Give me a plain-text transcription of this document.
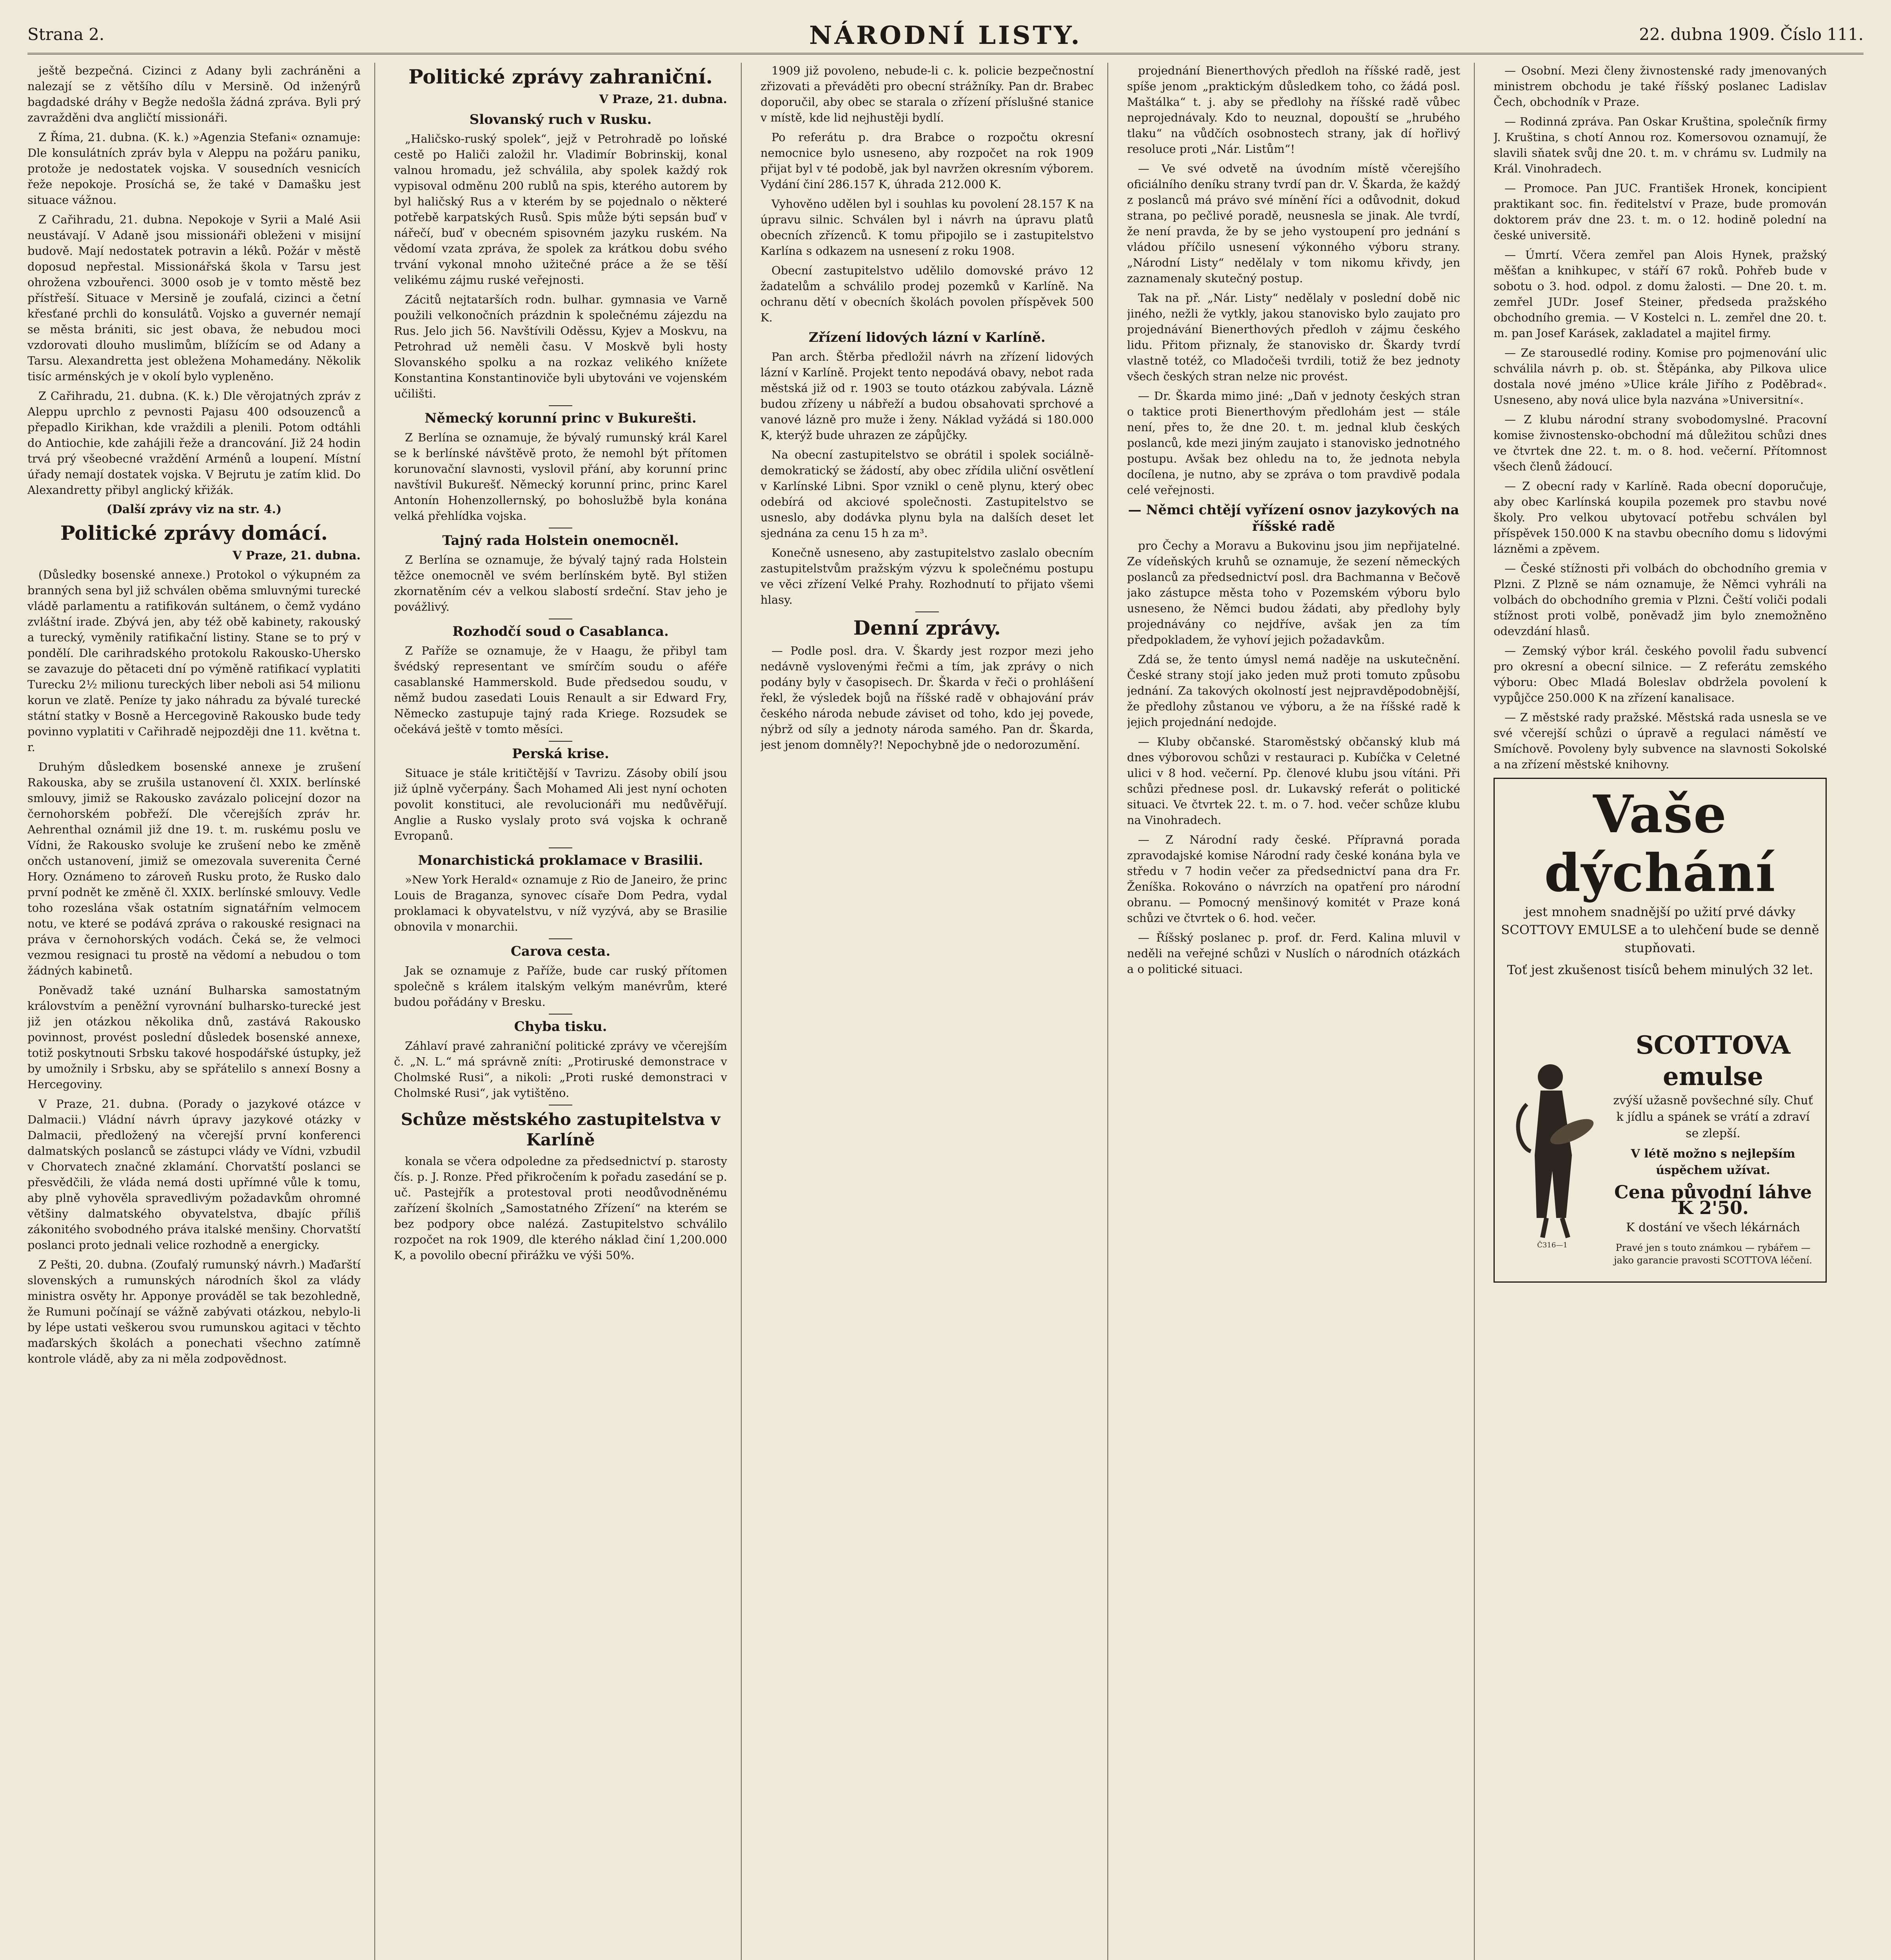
Strana 2.	NÁRODNÍ LISTY.	22. dubna 1909. Číslo 111.

ještě bezpečná. Cizinci z Adany byli zachráněni a nalezají se z většího dílu v Mersině. Od inženýrů bagdadské dráhy v Begže nedošla žádná zpráva. Byli prý zavražděni dva angličtí missionáři.

Z Říma, 21. dubna. (K. k.) »Agenzia Stefani« oznamuje: Dle konsulátních zpráv byla v Aleppu na požáru paniku, protože je nedostatek vojska. V sousedních vesnicích řeže nepokoje. Prosíchá se, že také v Damašku jest situace vážnou.

Z Cařihradu, 21. dubna. Nepokoje v Syrii a Malé Asii neustávají. V Adaně jsou missionáři obleženi v misijní budově. Mají nedostatek potravin a léků. Požár v městě doposud nepřestal. Missionářská škola v Tarsu jest ohrožena vzbouřenci. 3000 osob je v tomto městě bez přístřeší. Situace v Mersině je zoufalá, cizinci a četní křesťané prchli do konsulátů. Vojsko a guvernér nemají se města brániti, sic jest obava, že nebudou moci vzdorovati dlouho muslimům, blížícím se od Adany a Tarsu. Alexandretta jest obležena Mohamedány. Několik tisíc arménských je v okolí bylo vypleněno.

Z Cařihradu, 21. dubna. (K. k.) Dle věrojatných zpráv z Aleppu uprchlo z pevnosti Pajasu 400 odsouzenců a přepadlo Kirikhan, kde vraždili a plenili. Potom odtáhli do Antiochie, kde zahájili řeže a drancování. Již 24 hodin trvá prý všeobecné vraždění Arménů a loupení. Místní úřady nemají dostatek vojska. V Bejrutu je zatím klid. Do Alexandretty přibyl anglický křižák.

(Další zprávy viz na str. 4.)
Politické zprávy domácí.
V Praze, 21. dubna.

(Důsledky bosenské annexe.) Protokol o výkupném za branných sena byl již schválen oběma smluvnými turecké vládě parlamentu a ratifikován sultánem, o čemž vydáno zvláštní irade. Zbývá jen, aby též obě kabinety, rakouský a turecký, vyměnily ratifikační listiny. Stane se to prý v pondělí. Dle carihradského protokolu Rakousko-Uhersko se zavazuje do pětaceti dní po výměně ratifikací vyplatiti Turecku 2½ milionu tureckých liber neboli asi 54 milionu korun ve zlatě. Peníze ty jako náhradu za bývalé turecké státní statky v Bosně a Hercegovině Rakousko bude tedy povinno vyplatiti v Cařihradě nejpozději dne 11. května t. r.

Druhým důsledkem bosenské annexe je zrušení Rakouska, aby se zrušila ustanovení čl. XXIX. berlínské smlouvy, jimiž se Rakousko zavázalo policejní dozor na černohorském pobřeží. Dle včerejších zpráv hr. Aehrenthal oznámil již dne 19. t. m. ruskému poslu ve Vídni, že Rakousko svoluje ke zrušení nebo ke změně ončch ustanovení, jimiž se omezovala suverenita Černé Hory. Oznámeno to zároveň Rusku proto, že Rusko dalo první podnět ke změně čl. XXIX. berlínské smlouvy. Vedle toho rozeslána však ostatním signatářním velmocem notu, ve které se podává zpráva o rakouské resignaci na práva v černohorských vodách. Čeká se, že velmoci vezmou resignaci tu prostě na vědomí a nebudou o tom žádných kabinetů.

Poněvadž také uznání Bulharska samostatným královstvím a peněžní vyrovnání bulharsko-turecké jest již jen otázkou několika dnů, zastává Rakousko povinnost, provést poslední důsledek bosenské annexe, totiž poskytnouti Srbsku takové hospodářské ústupky, jež by umožnily i Srbsku, aby se spřátelilo s annexí Bosny a Hercegoviny.

V Praze, 21. dubna. (Porady o jazykové otázce v Dalmacii.) Vládní návrh úpravy jazykové otázky v Dalmacii, předložený na včerejší první konferenci dalmatských poslanců se zástupci vlády ve Vídni, vzbudil v Chorvatech značné zklamání. Chorvatští poslanci se přesvědčili, že vláda nemá dosti upřímné vůle k tomu, aby plně vyhověla spravedlivým požadavkům ohromné většiny dalmatského obyvatelstva, dbajíc příliš zákonitého svobodného práva italské menšiny. Chorvatští poslanci proto jednali velice rozhodně a energicky.

Z Pešti, 20. dubna. (Zoufalý rumunský návrh.) Maďarští slovenských a rumunských národních škol za vlády ministra osvěty hr. Apponye prováděl se tak bezohledně, že Rumuni počínají se vážně zabývati otázkou, nebylo-li by lépe ustati veškerou svou rumunskou agitaci v těchto maďarských školách a ponechati všechno zatímně kontrole vládě, aby za ni měla zodpovědnost.

Politické zprávy zahraniční.
V Praze, 21. dubna.
Slovanský ruch v Rusku.

„Haličsko-ruský spolek“, jejž v Petrohradě po loňské cestě po Haliči založil hr. Vladimír Bobrinskij, konal valnou hromadu, jež schválila, aby spolek každý rok vypisoval odměnu 200 rublů na spis, kterého autorem by byl haličský Rus a v kterém by se pojednalo o některé potřebě karpatských Rusů. Spis může býti sepsán buď v nářečí, buď v obecném spisovném jazyku ruském. Na vědomí vzata zpráva, že spolek za krátkou dobu svého trvání vykonal mnoho užitečné práce a že se těší velikému zájmu ruské veřejnosti.

Zácitů nejtatarších rodn. bulhar. gymnasia ve Varně použili velkonočních prázdnin k společnému zájezdu na Rus. Jelo jich 56. Navštívili Oděssu, Kyjev a Moskvu, na Petrohrad už neměli času. V Moskvě byli hosty Slovanského spolku a na rozkaz velikého knížete Konstantina Konstantinoviče byli ubytováni ve vojenském učilišti.

Německý korunní princ v Bukurešti.

Z Berlína se oznamuje, že bývalý rumunský král Karel se k berlínské návštěvě proto, že nemohl být přítomen korunovační slavnosti, vyslovil přání, aby korunní princ navštívil Bukurešť. Německý korunní princ, princ Karel Antonín Hohenzollernský, po bohoslužbě byla konána velká přehlídka vojska.

Tajný rada Holstein onemocněl.

Z Berlína se oznamuje, že bývalý tajný rada Holstein těžce onemocněl ve svém berlínském bytě. Byl stižen zkornatěním cév a velkou slabostí srdeční. Stav jeho je povážlivý.

Rozhodčí soud o Casablanca.

Z Paříže se oznamuje, že v Haagu, že přibyl tam švédský representant ve smírčím soudu o aféře casablanské Hammerskold. Bude předsedou soudu, v němž budou zasedati Louis Renault a sir Edward Fry, Německo zastupuje tajný rada Kriege. Rozsudek se očekává ještě v tomto měsíci.

Perská krise.

Situace je stále kritičtější v Tavrizu. Zásoby obilí jsou již úplně vyčerpány. Šach Mohamed Ali jest nyní ochoten povolit konstituci, ale revolucionáři mu nedůvěřují. Anglie a Rusko vyslaly proto svá vojska k ochraně Evropanů.

Monarchistická proklamace v Brasilii.

»New York Herald« oznamuje z Rio de Janeiro, že princ Louis de Braganza, synovec císaře Dom Pedra, vydal proklamaci k obyvatelstvu, v níž vyzývá, aby se Brasilie obnovila v monarchii.

Carova cesta.

Jak se oznamuje z Paříže, bude car ruský přítomen společně s králem italským velkým manévrům, které budou pořádány v Bresku.

Chyba tisku.

Záhlaví pravé zahraniční politické zprávy ve včerejším č. „N. L.“ má správně zníti: „Protiruské demonstrace v Cholmské Rusi“, a nikoli: „Proti ruské demonstraci v Cholmské Rusi“, jak vytištěno.

Schůze městského zastupitelstva v Karlíně

konala se včera odpoledne za předsednictví p. starosty čís. p. J. Ronze. Před přikročením k pořadu zasedání se p. uč. Pastejřík a protestoval proti neodůvodněnému zařízení školních „Samostatného Zřízení“ na kterém se bez podpory obce nalézá. Zastupitelstvo schválilo rozpočet na rok 1909, dle kterého náklad činí 1,200.000 K, a povolilo obecní přirážku ve výši 50%.

1909 již povoleno, nebude-li c. k. policie bezpečnostní zřizovati a převáděti pro obecní strážníky. Pan dr. Brabec doporučil, aby obec se starala o zřízení příslušné stanice v místě, kde lid nejhustěji bydlí.

Po referátu p. dra Brabce o rozpočtu okresní nemocnice bylo usneseno, aby rozpočet na rok 1909 přijat byl v té podobě, jak byl navržen okresním výborem. Vydání činí 286.157 K, úhrada 212.000 K.

Vyhověno udělen byl i souhlas ku povolení 28.157 K na úpravu silnic. Schválen byl i návrh na úpravu platů obecních zřízenců. K tomu připojilo se i zastupitelstvo Karlína s odkazem na usnesení z roku 1908.

Obecní zastupitelstvo udělilo domovské právo 12 žadatelům a schválilo prodej pozemků v Karlíně. Na ochranu dětí v obecních školách povolen příspěvek 500 K.

Zřízení lidových lázní v Karlíně.

Pan arch. Štěrba předložil návrh na zřízení lidových lázní v Karlíně. Projekt tento nepodává obavy, nebot rada městská již od r. 1903 se touto otázkou zabývala. Lázně budou zřízeny u nábřeží a budou obsahovati sprchové a vanové lázně pro muže i ženy. Náklad vyžádá si 180.000 K, kterýž bude uhrazen ze zápůjčky.

Na obecní zastupitelstvo se obrátil i spolek sociálně-demokratický se žádostí, aby obec zřídila uliční osvětlení v Karlínské Libni. Spor vznikl o ceně plynu, který obec odebírá od akciové společnosti. Zastupitelstvo se usneslo, aby dodávka plynu byla na dalších deset let sjednána za cenu 15 h za m³.

Konečně usneseno, aby zastupitelstvo zaslalo obecním zastupitelstvům pražským výzvu k společnému postupu ve věci zřízení Velké Prahy. Rozhodnutí to přijato všemi hlasy.

Denní zprávy.

— Podle posl. dra. V. Škardy jest rozpor mezi jeho nedávně vyslovenými řečmi a tím, jak zprávy o nich podány byly v časopisech. Dr. Škarda v řeči o prohlášení řekl, že výsledek bojů na říšské radě v obhajování práv českého národa nebude záviset od toho, kdo jej povede, nýbrž od síly a jednoty národa samého. Pan dr. Škarda, jest jenom domněly?! Nepochybně jde o nedorozumění.

projednání Bienerthových předloh na říšské radě, jest spíše jenom „praktickým důsledkem toho, co žádá posl. Maštálka“ t. j. aby se předlohy na říšské radě vůbec neprojednávaly. Kdo to neuznal, dopouští se „hrubého tlaku“ na vůdčích osobnostech strany, jak dí hořlivý resoluce proti „Nár. Listům“!

— Ve své odvetě na úvodním místě včerejšího oficiálního deníku strany tvrdí pan dr. V. Škarda, že každý z poslanců má právo své mínění říci a odůvodnit, dokud strana, po pečlivé poradě, neusnesla se jinak. Ale tvrdí, že není pravda, že by se jeho vystoupení pro jednání s vládou příčilo usnesení výkonného výboru strany. „Národní Listy“ nedělaly v tom nikomu křivdy, jen zaznamenaly skutečný postup.

Tak na př. „Nár. Listy“ nedělaly v poslední době nic jiného, nežli že vytkly, jakou stanovisko bylo zaujato pro projednávání Bienerthových předloh v zájmu českého lidu. Přitom přiznaly, že stanovisko dr. Škardy tvrdí vlastně totéž, co Mladočeši tvrdili, totiž že bez jednoty všech českých stran nelze nic provést.

— Dr. Škarda mimo jiné: „Daň v jednoty českých stran o taktice proti Bienerthovým předlohám jest — stále není, přes to, že dne 20. t. m. jednal klub českých poslanců, kde mezi jiným zaujato i stanovisko jednotného postupu. Avšak bez ohledu na to, že jednota nebyla docílena, je nutno, aby se zpráva o tom pravdivě podala celé veřejnosti.

— Němci chtějí vyřízení osnov jazykových na říšské radě

pro Čechy a Moravu a Bukovinu jsou jim nepřijatelné. Ze vídeňských kruhů se oznamuje, že sezení německých poslanců za předsednictví posl. dra Bachmanna v Bečově jako zástupce města toho v Pozemském výboru bylo usneseno, že Němci budou žádati, aby předlohy byly projednávány co nejdříve, avšak jen za tím předpokladem, že vyhoví jejich požadavkům.

Zdá se, že tento úmysl nemá naděje na uskutečnění. České strany stojí jako jeden muž proti tomuto způsobu jednání. Za takových okolností jest nejpravděpodobnější, že předlohy zůstanou ve výboru, a že na říšské radě k jejich projednání nedojde.

— Kluby občanské. Staroměstský občanský klub má dnes výborovou schůzi v restauraci p. Kubíčka v Celetné ulici v 8 hod. večerní. Pp. členové klubu jsou vítáni. Při schůzi přednese posl. dr. Lukavský referát o politické situaci. Ve čtvrtek 22. t. m. o 7. hod. večer schůze klubu na Vinohradech.

— Z Národní rady české. Přípravná porada zpravodajské komise Národní rady české konána byla ve středu v 7 hodin večer za předsednictví pana dra Fr. Ženíška. Rokováno o návrzích na opatření pro národní obranu. — Pomocný menšinový komitét v Praze koná schůzi ve čtvrtek o 6. hod. večer.

— Říšský poslanec p. prof. dr. Ferd. Kalina mluvil v neděli na veřejné schůzi v Nuslích o národních otázkách a o politické situaci.

— Osobní. Mezi členy živnostenské rady jmenovaných ministrem obchodu je také říšský poslanec Ladislav Čech, obchodník v Praze.

— Rodinná zpráva. Pan Oskar Kruština, společník firmy J. Kruština, s chotí Annou roz. Komersovou oznamují, že slavili sňatek svůj dne 20. t. m. v chrámu sv. Ludmily na Král. Vinohradech.

— Promoce. Pan JUC. František Hronek, koncipient praktikant soc. fin. ředitelství v Praze, bude promován doktorem práv dne 23. t. m. o 12. hodině polední na české universitě.

— Úmrtí. Včera zemřel pan Alois Hynek, pražský měšťan a knihkupec, v stáří 67 roků. Pohřeb bude v sobotu o 3. hod. odpol. z domu žalosti. — Dne 20. t. m. zemřel JUDr. Josef Steiner, předseda pražského obchodního gremia. — V Kostelci n. L. zemřel dne 20. t. m. pan Josef Karásek, zakladatel a majitel firmy.

— Ze starousedlé rodiny. Komise pro pojmenování ulic schválila návrh p. ob. st. Štěpánka, aby Pilkova ulice dostala nové jméno »Ulice krále Jiřího z Poděbrad«. Usneseno, aby nová ulice byla nazvána »Universitní«.

— Z klubu národní strany svobodomyslné. Pracovní komise živnostensko-obchodní má důležitou schůzi dnes ve čtvrtek dne 22. t. m. o 8. hod. večerní. Přítomnost všech členů žádoucí.

— Z obecní rady v Karlíně. Rada obecní doporučuje, aby obec Karlínská koupila pozemek pro stavbu nové školy. Pro velkou ubytovací potřebu schválen byl příspěvek 150.000 K na stavbu obecního domu s lidovými lázněmi a zpěvem.

— České stížnosti při volbách do obchodního gremia v Plzni. Z Plzně se nám oznamuje, že Němci vyhráli na volbách do obchodního gremia v Plzni. Čeští voliči podali stížnost proti volbě, poněvadž jim bylo znemožněno odevzdání hlasů.

— Zemský výbor král. českého povolil řadu subvencí pro okresní a obecní silnice. — Z referátu zemského výboru: Obec Mladá Boleslav obdržela povolení k vypůjčce 250.000 K na zřízení kanalisace.

— Z městské rady pražské. Městská rada usnesla se ve své včerejší schůzi o úpravě a regulaci náměstí ve Smíchově. Povoleny byly subvence na slavnosti Sokolské a na zřízení městské knihovny.

Vaše dýchání

jest mnohem snadnější po užití prvé dávky SCOTTOVY EMULSE a to ulehčení bude se denně stupňovati.

Toť jest zkušenost tisíců behem minulých 32 let.

Č316—1
SCOTTOVA emulse
zvýší užasně povšechné síly. Chuť k jídlu a spánek se vrátí a zdraví se zlepší.
V létě možno s nejlepším úspěchem užívat.
Cena původní láhve K 2'50.
K dostání ve všech lékárnách
Pravé jen s touto známkou — rybářem — jako garancie pravosti SCOTTOVA léčení.
